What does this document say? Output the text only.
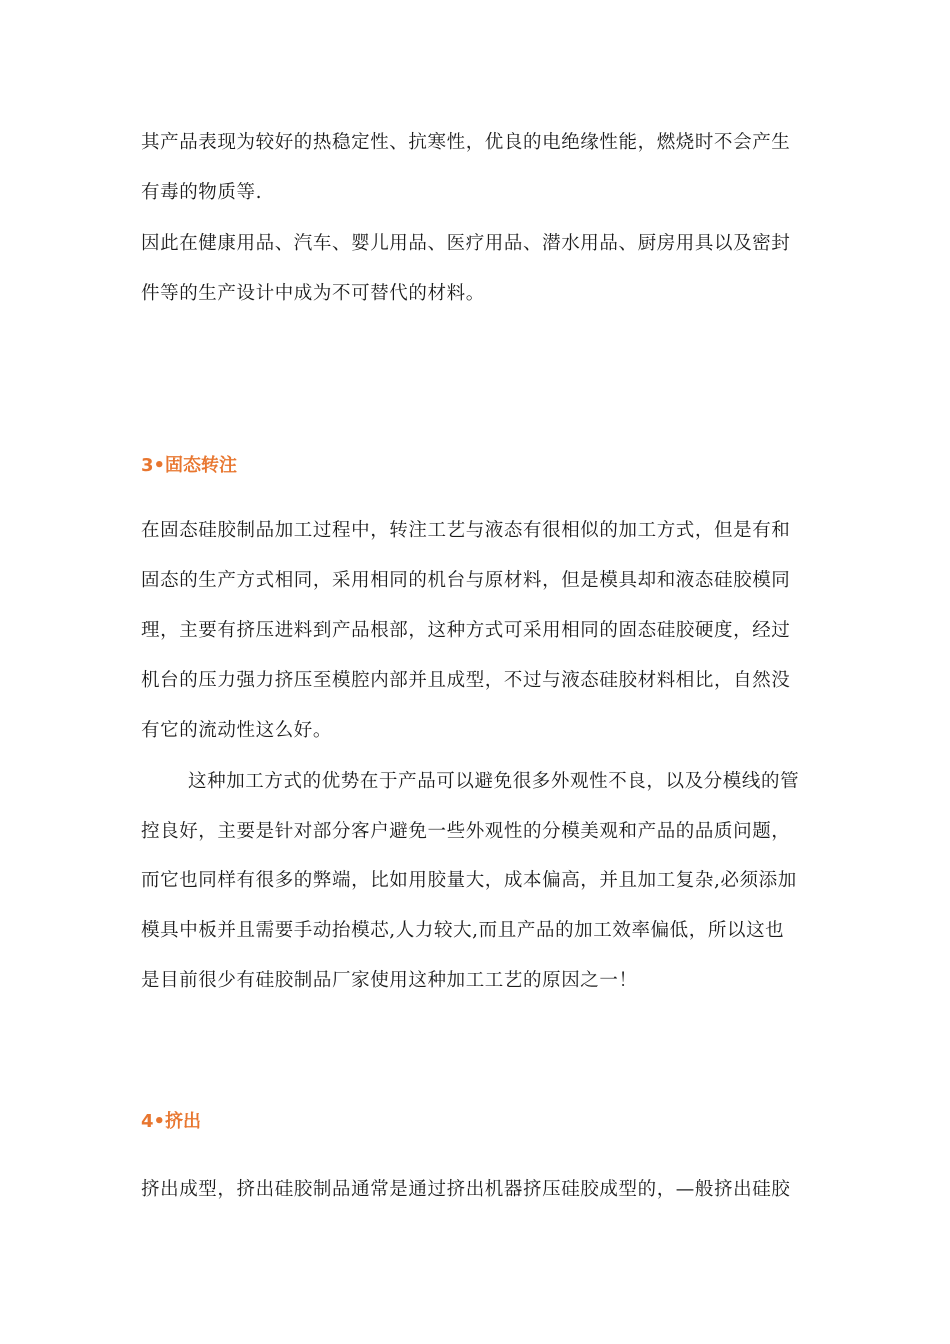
其产品表现为较好的热稳定性、抗寒性，优良的电绝缘性能，燃烧时不会产生
有毒的物质等.
因此在健康用品、汽车、婴儿用品、医疗用品、潜水用品、厨房用具以及密封
件等的生产设计中成为不可替代的材料。
3•固态转注
在固态硅胶制品加工过程中，转注工艺与液态有很相似的加工方式，但是有和
固态的生产方式相同，采用相同的机台与原材料，但是模具却和液态硅胶模同
理，主要有挤压进料到产品根部，这种方式可采用相同的固态硅胶硬度，经过
机台的压力强力挤压至模腔内部并且成型，不过与液态硅胶材料相比，自然没
有它的流动性这么好。
这种加工方式的优势在于产品可以避免很多外观性不良，以及分模线的管
控良好，主要是针对部分客户避免一些外观性的分模美观和产品的品质问题，
而它也同样有很多的弊端，比如用胶量大，成本偏高，并且加工复杂,必须添加
模具中板并且需要手动抬模芯,人力较大,而且产品的加工效率偏低，所以这也
是目前很少有硅胶制品厂家使用这种加工工艺的原因之一！
4•挤出
挤出成型，挤出硅胶制品通常是通过挤出机器挤压硅胶成型的，—般挤出硅胶
